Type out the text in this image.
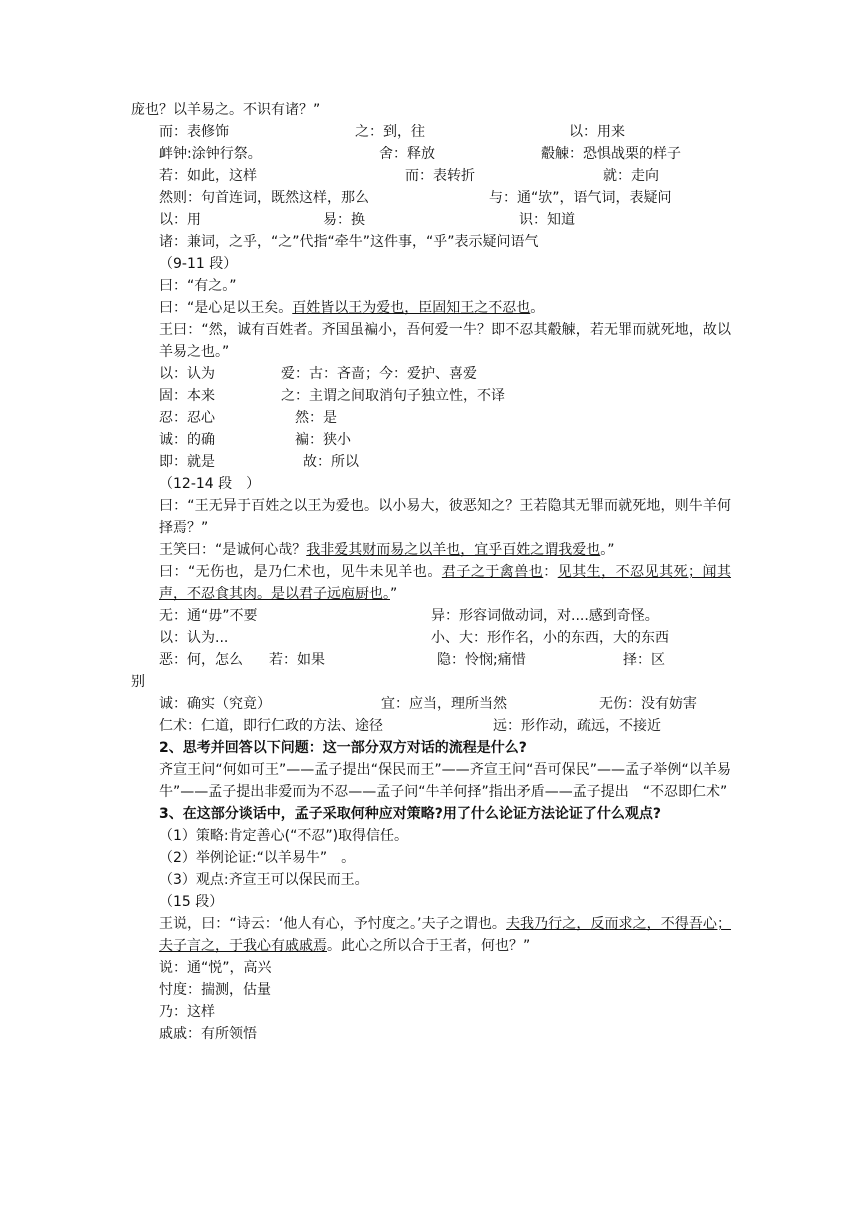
庞也？以羊易之。不识有诸？”
而：表修饰	之：到，往	以：用来
衅钟:涂钟行祭。	舍：释放	觳觫：恐惧战栗的样子
若：如此，这样	而：表转折	就：走向
然则：句首连词，既然这样，那么	与：通“欤”，语气词，表疑问
以：用	易：换	识：知道
诸：兼词，之乎，“之”代指“牵牛”这件事，“乎”表示疑问语气
（9-11 段）
曰：“有之。”
曰：“是心足以王矣。百姓皆以王为爱也，臣固知王之不忍也。
王曰：“然，诚有百姓者。齐国虽褊小，吾何爱一牛？即不忍其觳觫，若无罪而就死地，故以羊易之也。”
以：认为	爱：古：吝啬；今：爱护、喜爱
固：本来	之：主谓之间取消句子独立性，不译
忍：忍心	然：是
诚：的确	褊：狭小
即：就是	故：所以
（12-14 段　）
曰：“王无异于百姓之以王为爱也。以小易大，彼恶知之？王若隐其无罪而就死地，则牛羊何择焉？”
王笑曰：“是诚何心哉？我非爱其财而易之以羊也，宜乎百姓之谓我爱也。”
曰：“无伤也，是乃仁术也，见牛未见羊也。君子之于禽兽也：见其生，不忍见其死；闻其声，不忍食其肉。是以君子远庖厨也。”
无：通“毋”不要	异：形容词做动词，对....感到奇怪。
以：认为...	小、大：形作名，小的东西，大的东西
恶：何，怎么 若：如果	隐：怜悯;痛惜	择：区
别
诚：确实（究竟）	宜：应当，理所当然	无伤：没有妨害
仁术：仁道，即行仁政的方法、途径	远：形作动，疏远，不接近
2、思考并回答以下问题：这一部分双方对话的流程是什么?
齐宣王问“何如可王”——孟子提出“保民而王”——齐宣王问“吾可保民”——孟子举例“以羊易牛”——孟子提出非爱而为不忍——孟子问“牛羊何择”指出矛盾——孟子提出　“不忍即仁术”
3、在这部分谈话中，孟子采取何种应对策略?用了什么论证方法论证了什么观点?
（1）策略:肯定善心(“不忍”)取得信任。
（2）举例论证:“以羊易牛”　。
（3）观点:齐宣王可以保民而王。
（15 段）
王说，曰：“诗云：‘他人有心，予忖度之。’夫子之谓也。夫我乃行之，反而求之，不得吾心；夫子言之，于我心有戚戚焉。此心之所以合于王者，何也？”
说：通“悦”，高兴
忖度：揣测，估量
乃：这样
戚戚：有所领悟
